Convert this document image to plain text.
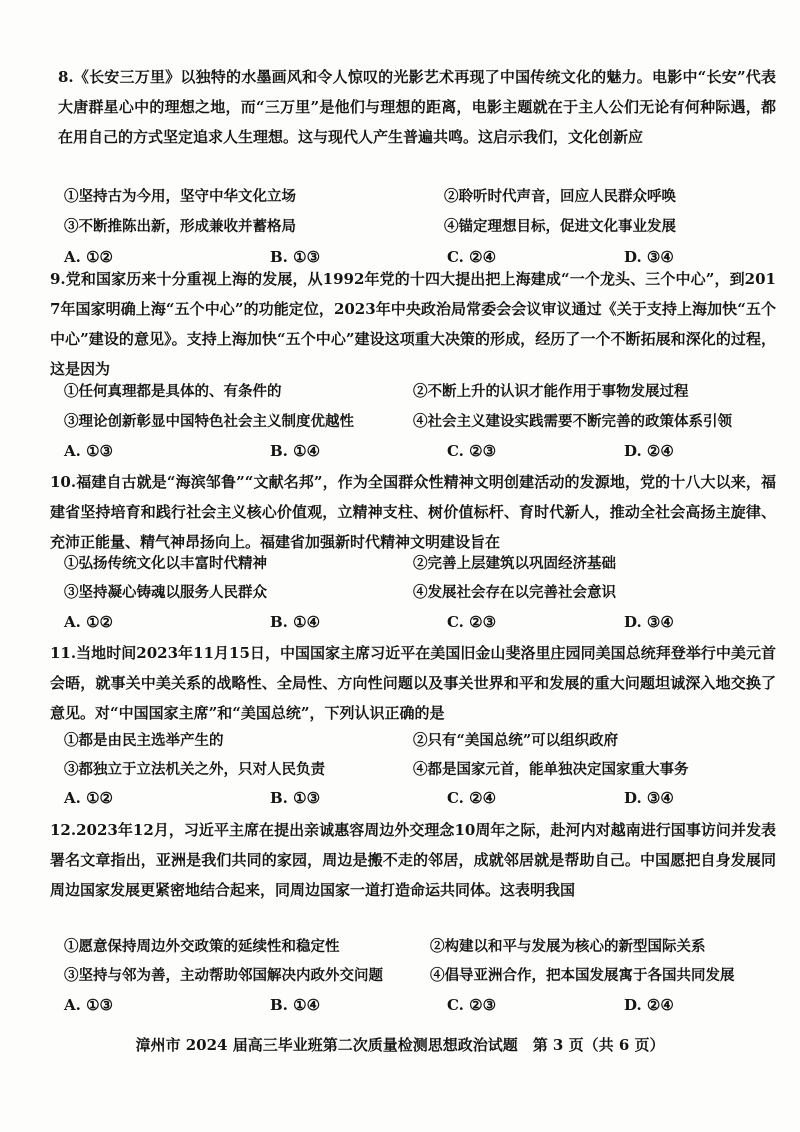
8.《长安三万里》以独特的水墨画风和令人惊叹的光影艺术再现了中国传统文化的魅力。电影中“长安”代表大唐群星心中的理想之地，而“三万里”是他们与理想的距离，电影主题就在于主人公们无论有何种际遇，都在用自己的方式坚定追求人生理想。这与现代人产生普遍共鸣。这启示我们，文化创新应
①坚持古为今用，坚守中华文化立场	②聆听时代声音，回应人民群众呼唤
③不断推陈出新，形成兼收并蓄格局	④锚定理想目标，促进文化事业发展
A. ①②	B. ①③	C. ②④	D. ③④
9.党和国家历来十分重视上海的发展，从1992年党的十四大提出把上海建成“一个龙头、三个中心”，到2017年国家明确上海“五个中心”的功能定位，2023年中央政治局常委会会议审议通过《关于支持上海加快“五个中心”建设的意见》。支持上海加快“五个中心”建设这项重大决策的形成，经历了一个不断拓展和深化的过程，这是因为
①任何真理都是具体的、有条件的	②不断上升的认识才能作用于事物发展过程
③理论创新彰显中国特色社会主义制度优越性	④社会主义建设实践需要不断完善的政策体系引领
A. ①③	B. ①④	C. ②③	D. ②④
10.福建自古就是“海滨邹鲁”“文献名邦”，作为全国群众性精神文明创建活动的发源地，党的十八大以来，福建省坚持培育和践行社会主义核心价值观，立精神支柱、树价值标杆、育时代新人，推动全社会高扬主旋律、充沛正能量、精气神昂扬向上。福建省加强新时代精神文明建设旨在
①弘扬传统文化以丰富时代精神	②完善上层建筑以巩固经济基础
③坚持凝心铸魂以服务人民群众	④发展社会存在以完善社会意识
A. ①②	B. ①④	C. ②③	D. ③④
11.当地时间2023年11月15日，中国国家主席习近平在美国旧金山斐洛里庄园同美国总统拜登举行中美元首会晤，就事关中美关系的战略性、全局性、方向性问题以及事关世界和平和发展的重大问题坦诚深入地交换了意见。对“中国国家主席”和“美国总统”，下列认识正确的是
①都是由民主选举产生的	②只有“美国总统”可以组织政府
③都独立于立法机关之外，只对人民负责	④都是国家元首，能单独决定国家重大事务
A. ①②	B. ①③	C. ②④	D. ③④
12.2023年12月，习近平主席在提出亲诚惠容周边外交理念10周年之际，赴河内对越南进行国事访问并发表署名文章指出，亚洲是我们共同的家园，周边是搬不走的邻居，成就邻居就是帮助自己。中国愿把自身发展同周边国家发展更紧密地结合起来，同周边国家一道打造命运共同体。这表明我国
①愿意保持周边外交政策的延续性和稳定性	②构建以和平与发展为核心的新型国际关系
③坚持与邻为善，主动帮助邻国解决内政外交问题	④倡导亚洲合作，把本国发展寓于各国共同发展
A. ①③	B. ①④	C. ②③	D. ②④
漳州市 2024 届高三毕业班第二次质量检测思想政治试题　第 3 页（共 6 页）
